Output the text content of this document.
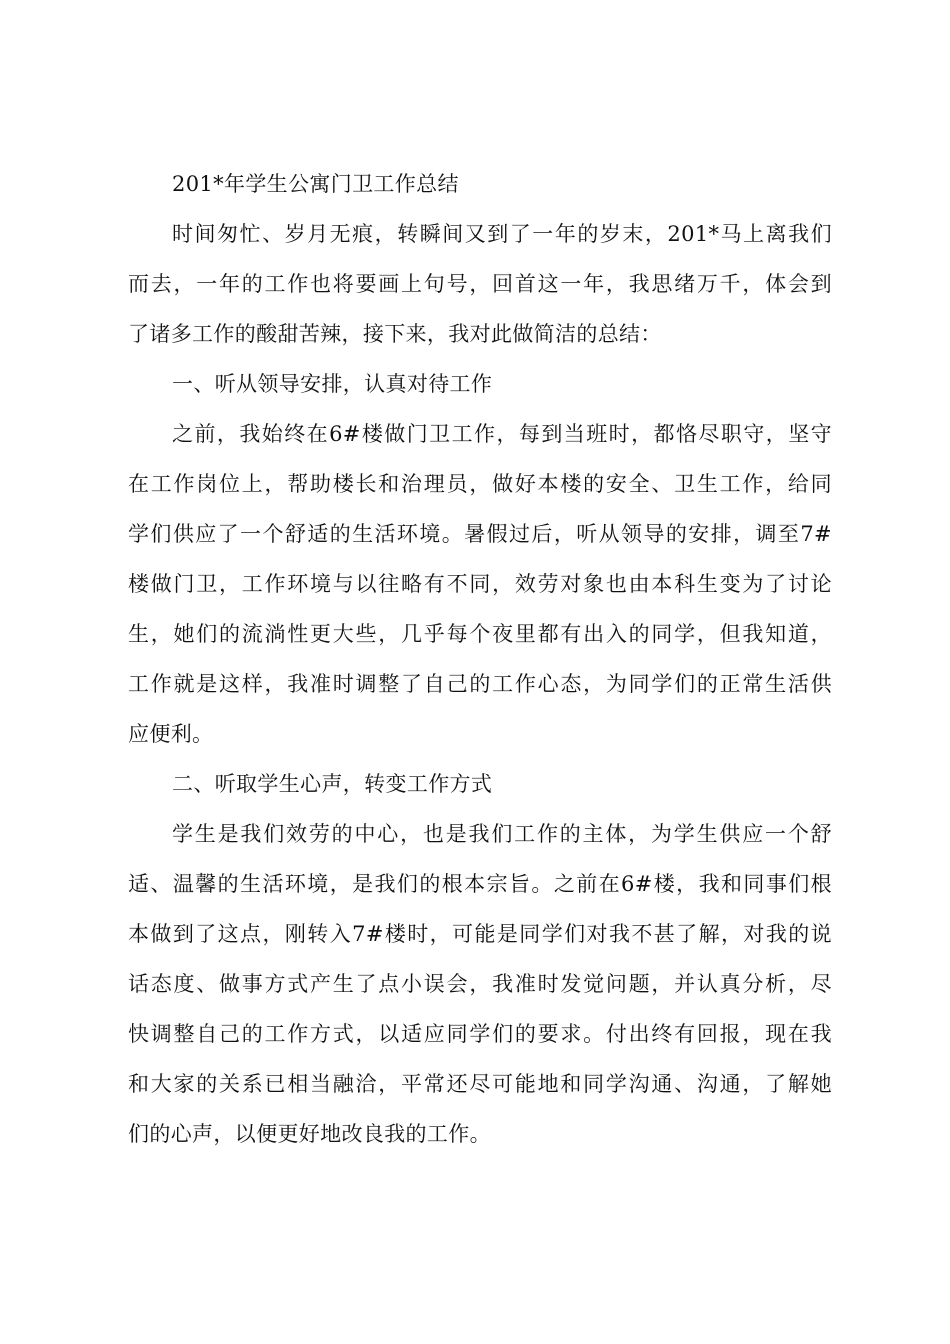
201*年学生公寓门卫工作总结
时间匆忙、岁月无痕，转瞬间又到了一年的岁末，201*马上离我们
而去，一年的工作也将要画上句号，回首这一年，我思绪万千，体会到
了诸多工作的酸甜苦辣，接下来，我对此做简洁的总结：
一、听从领导安排，认真对待工作
之前，我始终在6#楼做门卫工作，每到当班时，都恪尽职守，坚守
在工作岗位上，帮助楼长和治理员，做好本楼的安全、卫生工作，给同
学们供应了一个舒适的生活环境。暑假过后，听从领导的安排，调至7#
楼做门卫，工作环境与以往略有不同，效劳对象也由本科生变为了讨论
生，她们的流淌性更大些，几乎每个夜里都有出入的同学，但我知道，
工作就是这样，我准时调整了自己的工作心态，为同学们的正常生活供
应便利。
二、听取学生心声，转变工作方式
学生是我们效劳的中心，也是我们工作的主体，为学生供应一个舒
适、温馨的生活环境，是我们的根本宗旨。之前在6#楼，我和同事们根
本做到了这点，刚转入7#楼时，可能是同学们对我不甚了解，对我的说
话态度、做事方式产生了点小误会，我准时发觉问题，并认真分析，尽
快调整自己的工作方式，以适应同学们的要求。付出终有回报，现在我
和大家的关系已相当融洽，平常还尽可能地和同学沟通、沟通，了解她
们的心声，以便更好地改良我的工作。
